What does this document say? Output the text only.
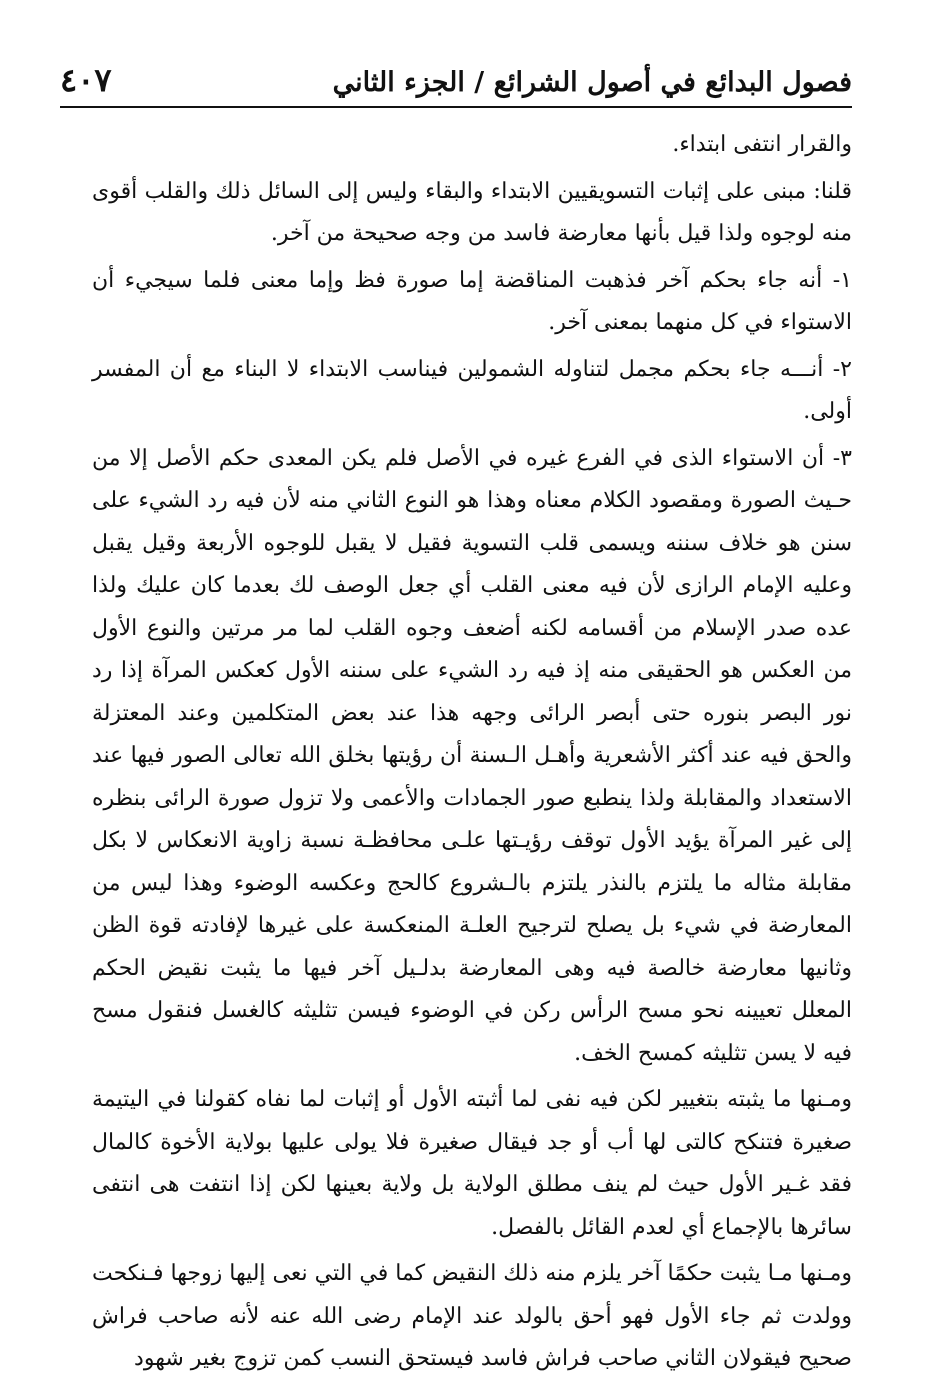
٤٠٧	فصول البدائع في أصول الشرائع / الجزء الثاني

والقرار انتفى ابتداء.

قلنا: مبنى على إثبات التسويقيين الابتداء والبقاء وليس إلى السائل ذلك والقلب أقوى منه لوجوه ولذا قيل بأنها معارضة فاسد من وجه صحيحة من آخر.

١- أنه جاء بحكم آخر فذهبت المناقضة إما صورة فظ وإما معنى فلما سيجيء أن الاستواء في كل منهما بمعنى آخر.

٢- أنـــه جاء بحكم مجمل لتناوله الشمولين فيناسب الابتداء لا البناء مع أن المفسر أولى.

٣- أن الاستواء الذى في الفرع غيره في الأصل فلم يكن المعدى حكم الأصل إلا من حـيث الصورة ومقصود الكلام معناه وهذا هو النوع الثاني منه لأن فيه رد الشيء على سنن هو خلاف سننه ويسمى قلب التسوية فقيل لا يقبل للوجوه الأربعة وقيل يقبل وعليه الإمام الرازى لأن فيه معنى القلب أي جعل الوصف لك بعدما كان عليك ولذا عده صدر الإسلام من أقسامه لكنه أضعف وجوه القلب لما مر مرتين والنوع الأول من العكس هو الحقيقى منه إذ فيه رد الشيء على سننه الأول كعكس المرآة إذا رد نور البصر بنوره حتى أبصر الرائى وجهه هذا عند بعض المتكلمين وعند المعتزلة والحق فيه عند أكثر الأشعرية وأهـل الـسنة أن رؤيتها بخلق الله تعالى الصور فيها عند الاستعداد والمقابلة ولذا ينطبع صور الجمادات والأعمى ولا تزول صورة الرائى بنظره إلى غير المرآة يؤيد الأول توقف رؤيـتها علـى محافظـة نسبة زاوية الانعكاس لا بكل مقابلة مثاله ما يلتزم بالنذر يلتزم بالـشروع كالحج وعكسه الوضوء وهذا ليس من المعارضة في شيء بل يصلح لترجيح العلـة المنعكسة على غيرها لإفادته قوة الظن وثانيها معارضة خالصة فيه وهى المعارضة بدلـيل آخر فيها ما يثبت نقيض الحكم المعلل تعيينه نحو مسح الرأس ركن في الوضوء فيسن تثليثه كالغسل فنقول مسح فيه لا يسن تثليثه كمسح الخف.

ومـنها ما يثبته بتغيير لكن فيه نفى لما أثبته الأول أو إثبات لما نفاه كقولنا في اليتيمة صغيرة فتنكح كالتى لها أب أو جد فيقال صغيرة فلا يولى عليها بولاية الأخوة كالمال فقد غـير الأول حيث لم ينف مطلق الولاية بل ولاية بعينها لكن إذا انتفت هى انتفى سائرها بالإجماع أي لعدم القائل بالفصل.

ومـنها مـا يثبت حكمًا آخر يلزم منه ذلك النقيض كما في التي نعى إليها زوجها فـنكحت وولدت ثم جاء الأول فهو أحق بالولد عند الإمام رضى الله عنه لأنه صاحب فراش صحيح فيقولان الثاني صاحب فراش فاسد فيستحق النسب كمن تزوج بغير شهود
